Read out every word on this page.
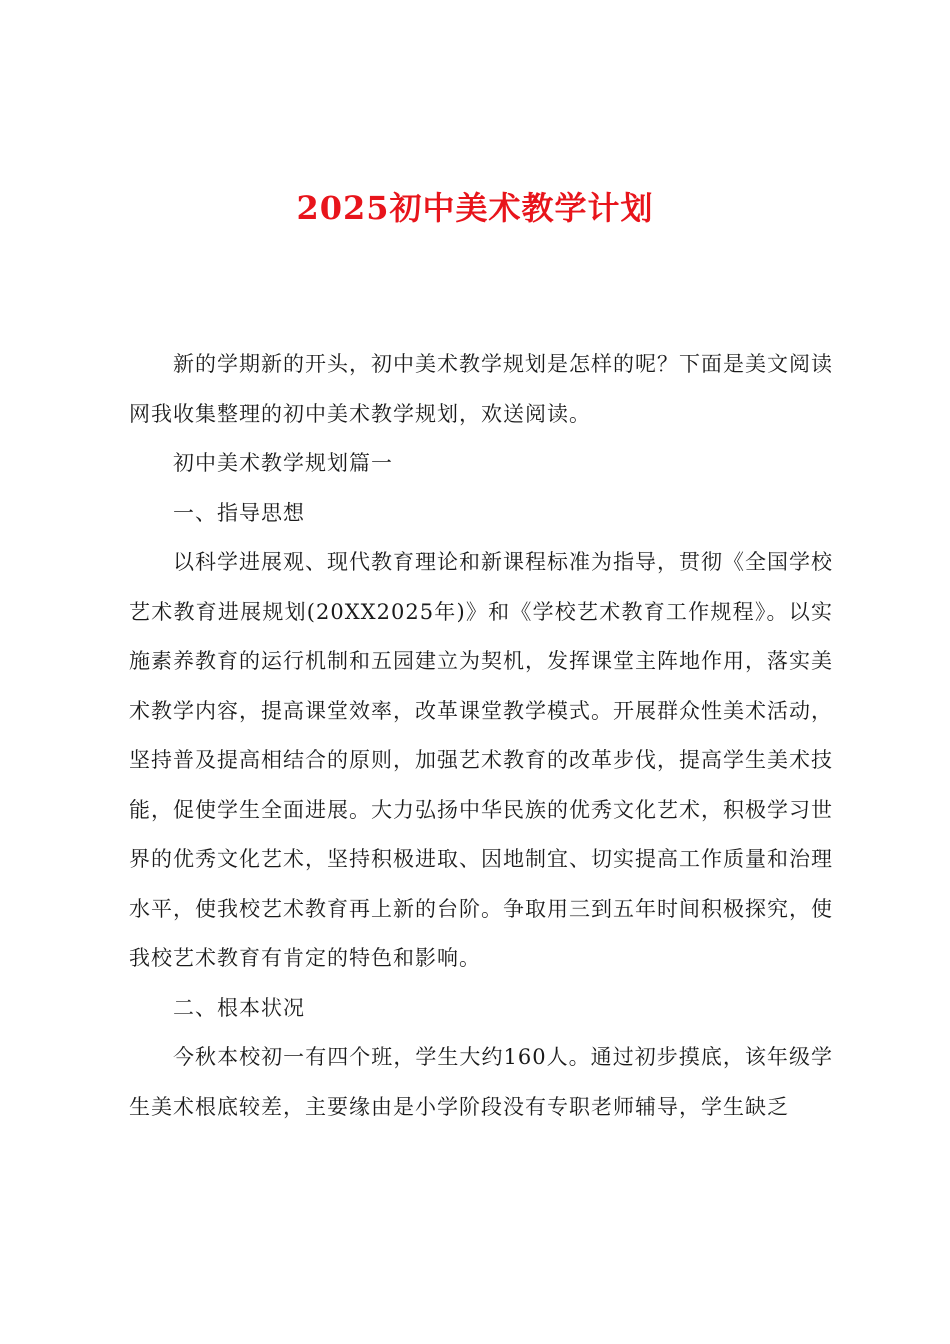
2025初中美术教学计划

新的学期新的开头，初中美术教学规划是怎样的呢？下面是美文阅读网我收集整理的初中美术教学规划，欢送阅读。

初中美术教学规划篇一

一、指导思想

以科学进展观、现代教育理论和新课程标准为指导，贯彻《全国学校艺术教育进展规划(20XX2025年)》和《学校艺术教育工作规程》。以实施素养教育的运行机制和五园建立为契机，发挥课堂主阵地作用，落实美术教学内容，提高课堂效率，改革课堂教学模式。开展群众性美术活动，坚持普及提高相结合的原则，加强艺术教育的改革步伐，提高学生美术技能，促使学生全面进展。大力弘扬中华民族的优秀文化艺术，积极学习世界的优秀文化艺术，坚持积极进取、因地制宜、切实提高工作质量和治理水平，使我校艺术教育再上新的台阶。争取用三到五年时间积极探究，使我校艺术教育有肯定的特色和影响。

二、根本状况

今秋本校初一有四个班，学生大约160人。通过初步摸底，该年级学生美术根底较差，主要缘由是小学阶段没有专职老师辅导，学生缺乏
